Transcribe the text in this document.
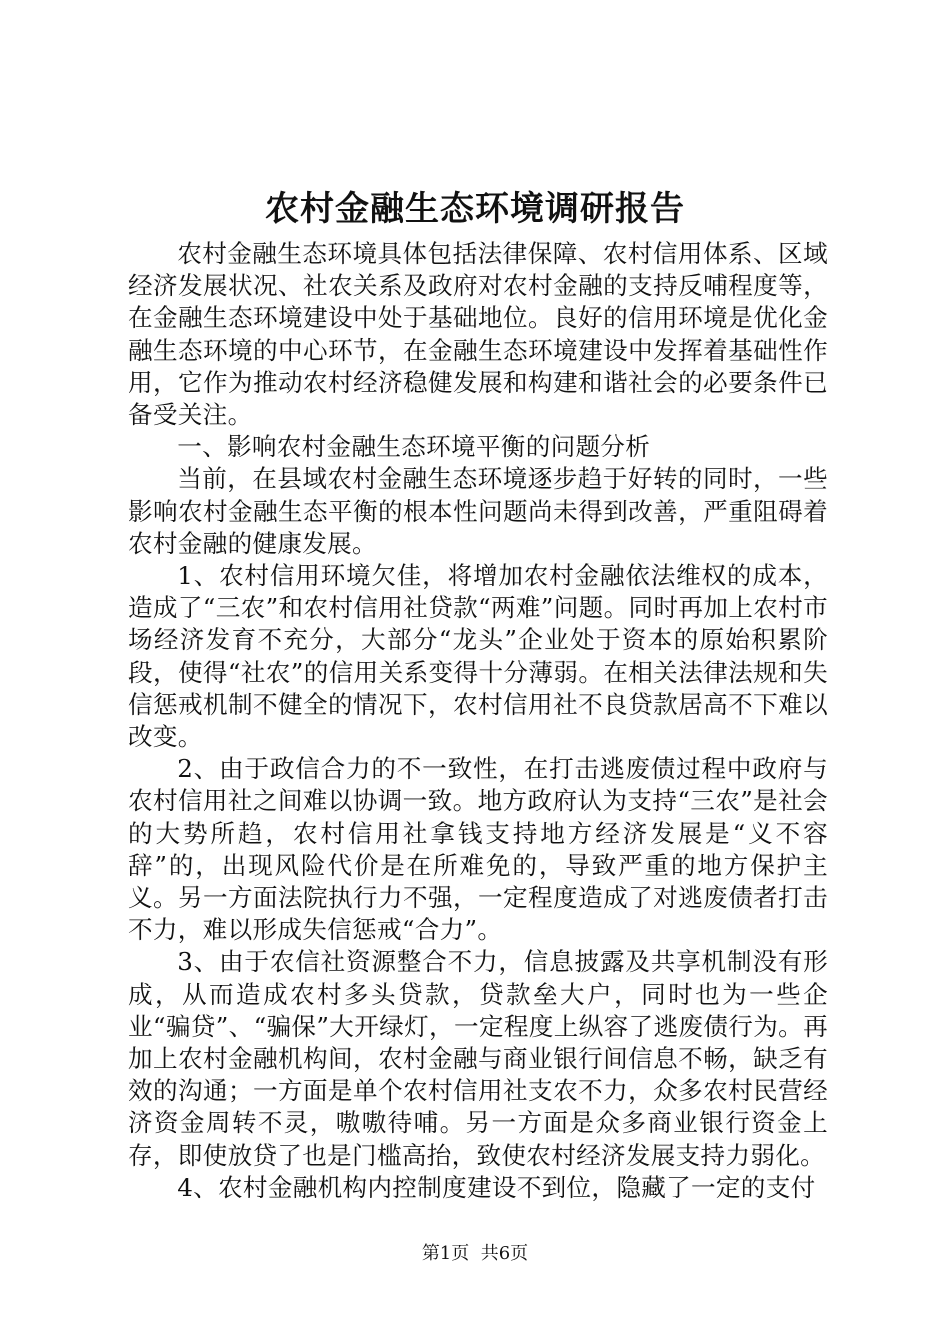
农村金融生态环境调研报告

农村金融生态环境具体包括法律保障、农村信用体系、区域经济发展状况、社农关系及政府对农村金融的支持反哺程度等，在金融生态环境建设中处于基础地位。良好的信用环境是优化金融生态环境的中心环节，在金融生态环境建设中发挥着基础性作用，它作为推动农村经济稳健发展和构建和谐社会的必要条件已备受关注。

一、影响农村金融生态环境平衡的问题分析

当前，在县域农村金融生态环境逐步趋于好转的同时，一些影响农村金融生态平衡的根本性问题尚未得到改善，严重阻碍着农村金融的健康发展。

1、农村信用环境欠佳，将增加农村金融依法维权的成本，造成了“三农”和农村信用社贷款“两难”问题。同时再加上农村市场经济发育不充分，大部分“龙头”企业处于资本的原始积累阶段，使得“社农”的信用关系变得十分薄弱。在相关法律法规和失信惩戒机制不健全的情况下，农村信用社不良贷款居高不下难以改变。

2、由于政信合力的不一致性，在打击逃废债过程中政府与农村信用社之间难以协调一致。地方政府认为支持“三农”是社会的大势所趋，农村信用社拿钱支持地方经济发展是“义不容辞”的，出现风险代价是在所难免的，导致严重的地方保护主义。另一方面法院执行力不强，一定程度造成了对逃废债者打击不力，难以形成失信惩戒“合力”。

3、由于农信社资源整合不力，信息披露及共享机制没有形成，从而造成农村多头贷款，贷款垒大户，同时也为一些企业“骗贷”、“骗保”大开绿灯，一定程度上纵容了逃废债行为。再加上农村金融机构间，农村金融与商业银行间信息不畅，缺乏有效的沟通；一方面是单个农村信用社支农不力，众多农村民营经济资金周转不灵，嗷嗷待哺。另一方面是众多商业银行资金上存，即使放贷了也是门槛高抬，致使农村经济发展支持力弱化。

4、农村金融机构内控制度建设不到位，隐藏了一定的支付

第1页 共6页
